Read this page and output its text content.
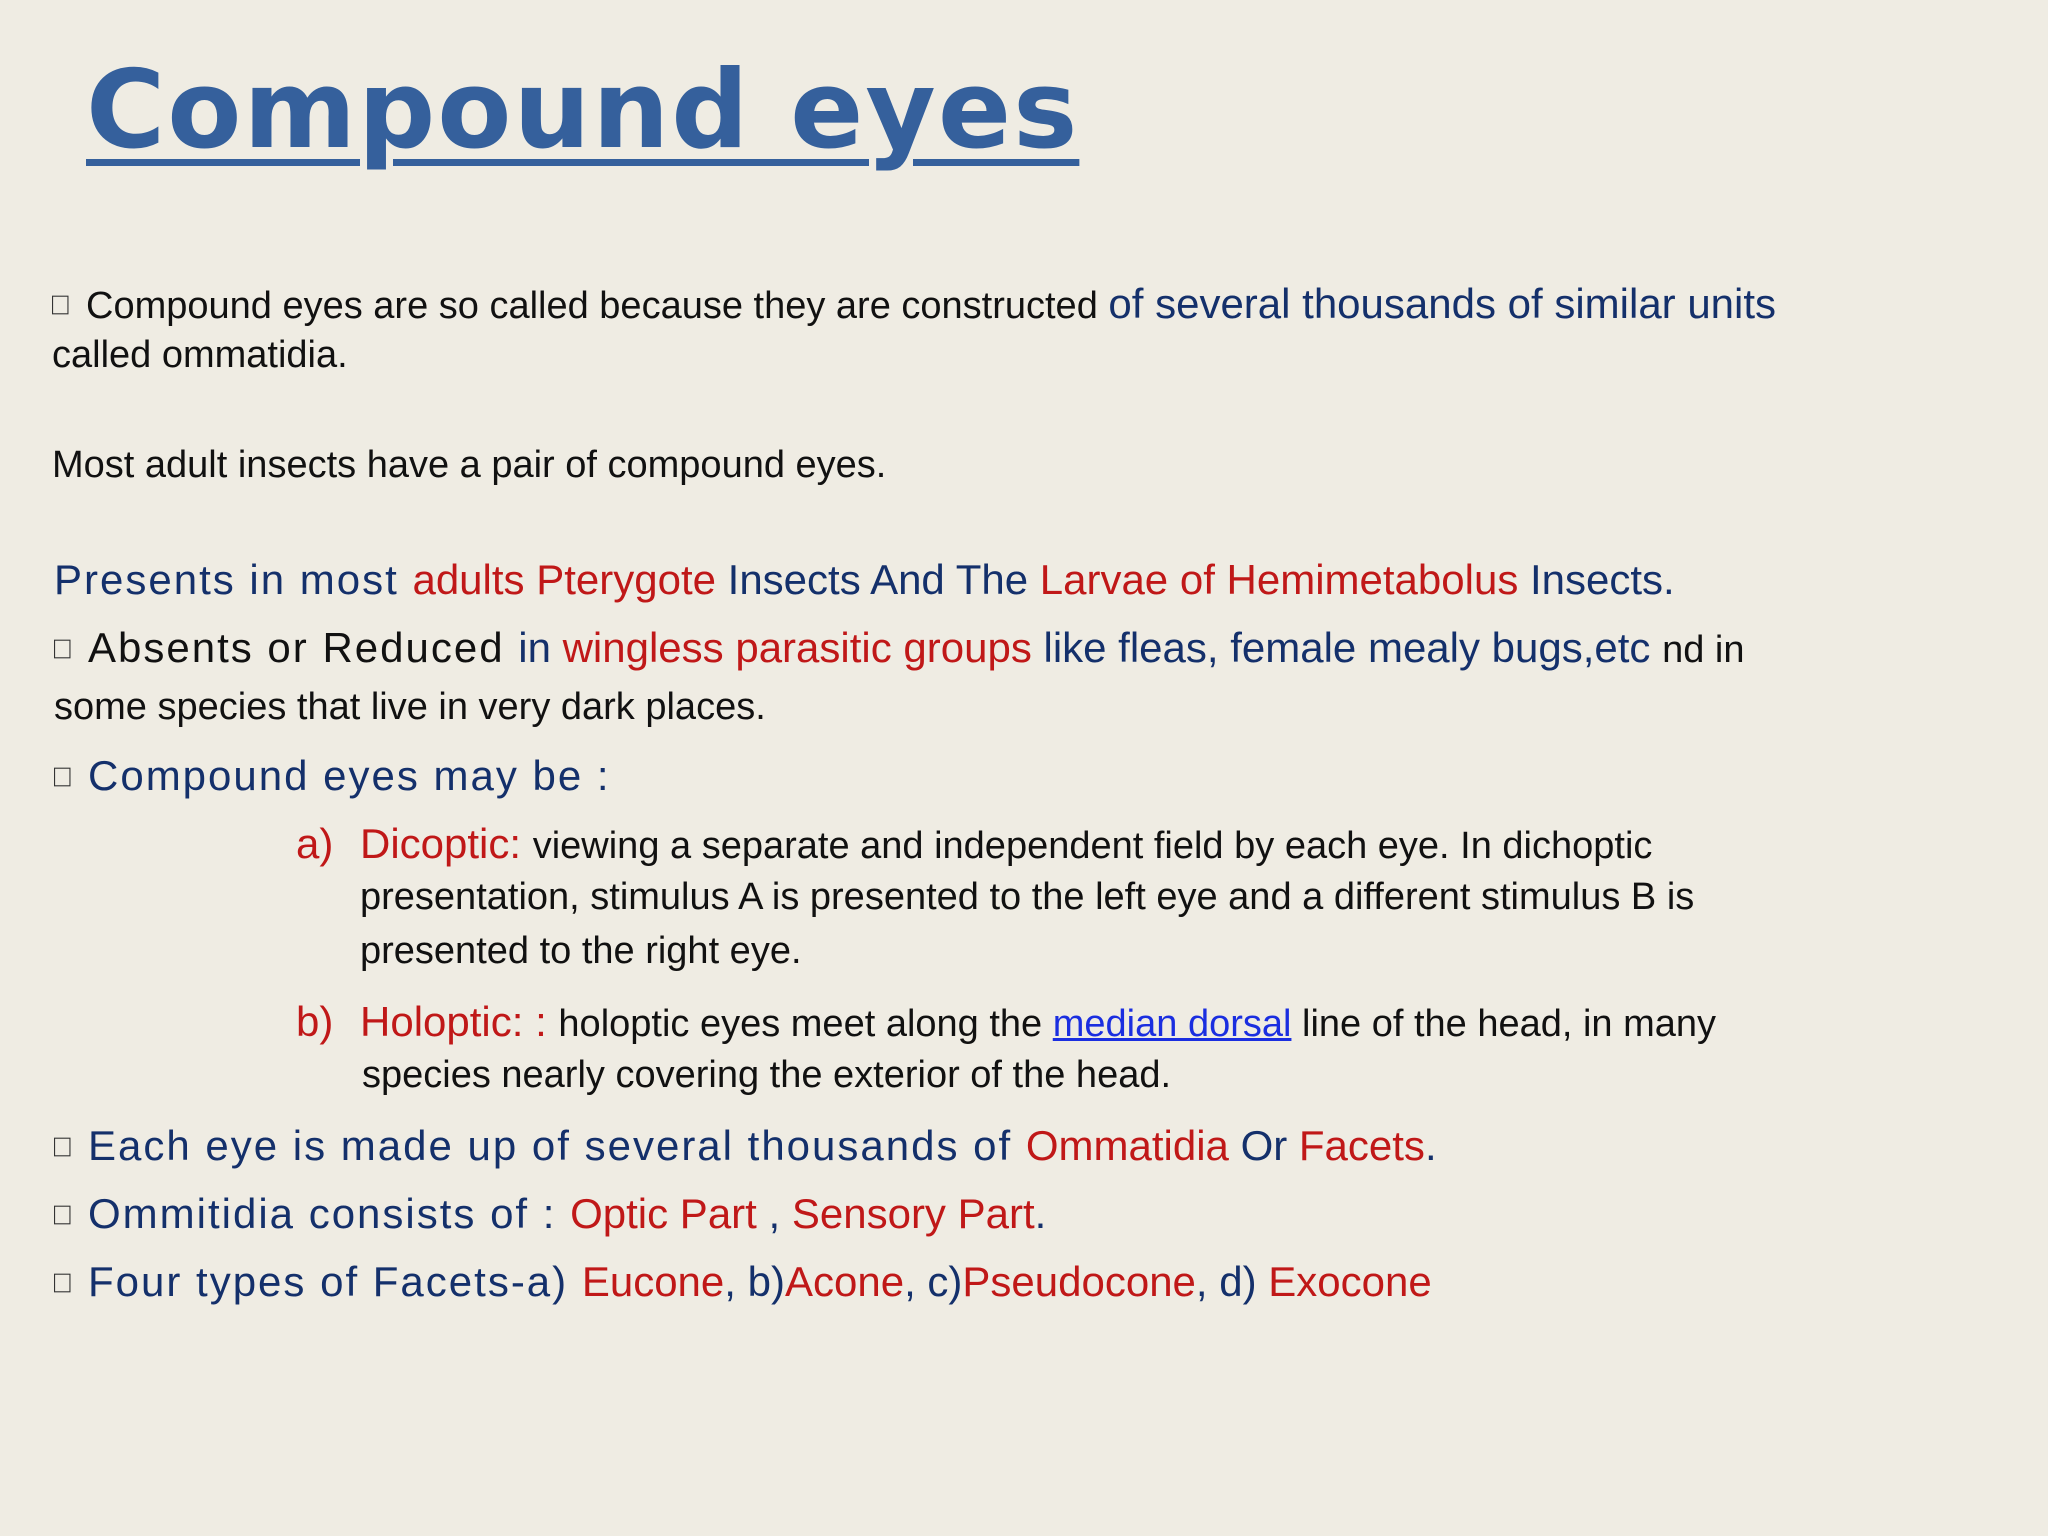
Compound eyes
Compound eyes are so called because they are constructed of several thousands of similar units
called ommatidia.
Most adult insects have a pair of compound eyes.
Presents in most adults Pterygote Insects And The Larvae of Hemimetabolus Insects.
Absents or Reduced in wingless parasitic groups like fleas, female mealy bugs,etc nd in
some species that live in very dark places.
Compound eyes may be :
a) Dicoptic: viewing a separate and independent field by each eye. In dichoptic
presentation, stimulus A is presented to the left eye and a different stimulus B is
presented to the right eye.
b) Holoptic: : holoptic eyes meet along the median dorsal line of the head, in many
species nearly covering the exterior of the head.
Each eye is made up of several thousands of Ommatidia Or Facets.
Ommitidia consists of : Optic Part , Sensory Part.
Four types of Facets-a) Eucone, b)Acone, c)Pseudocone, d) Exocone
